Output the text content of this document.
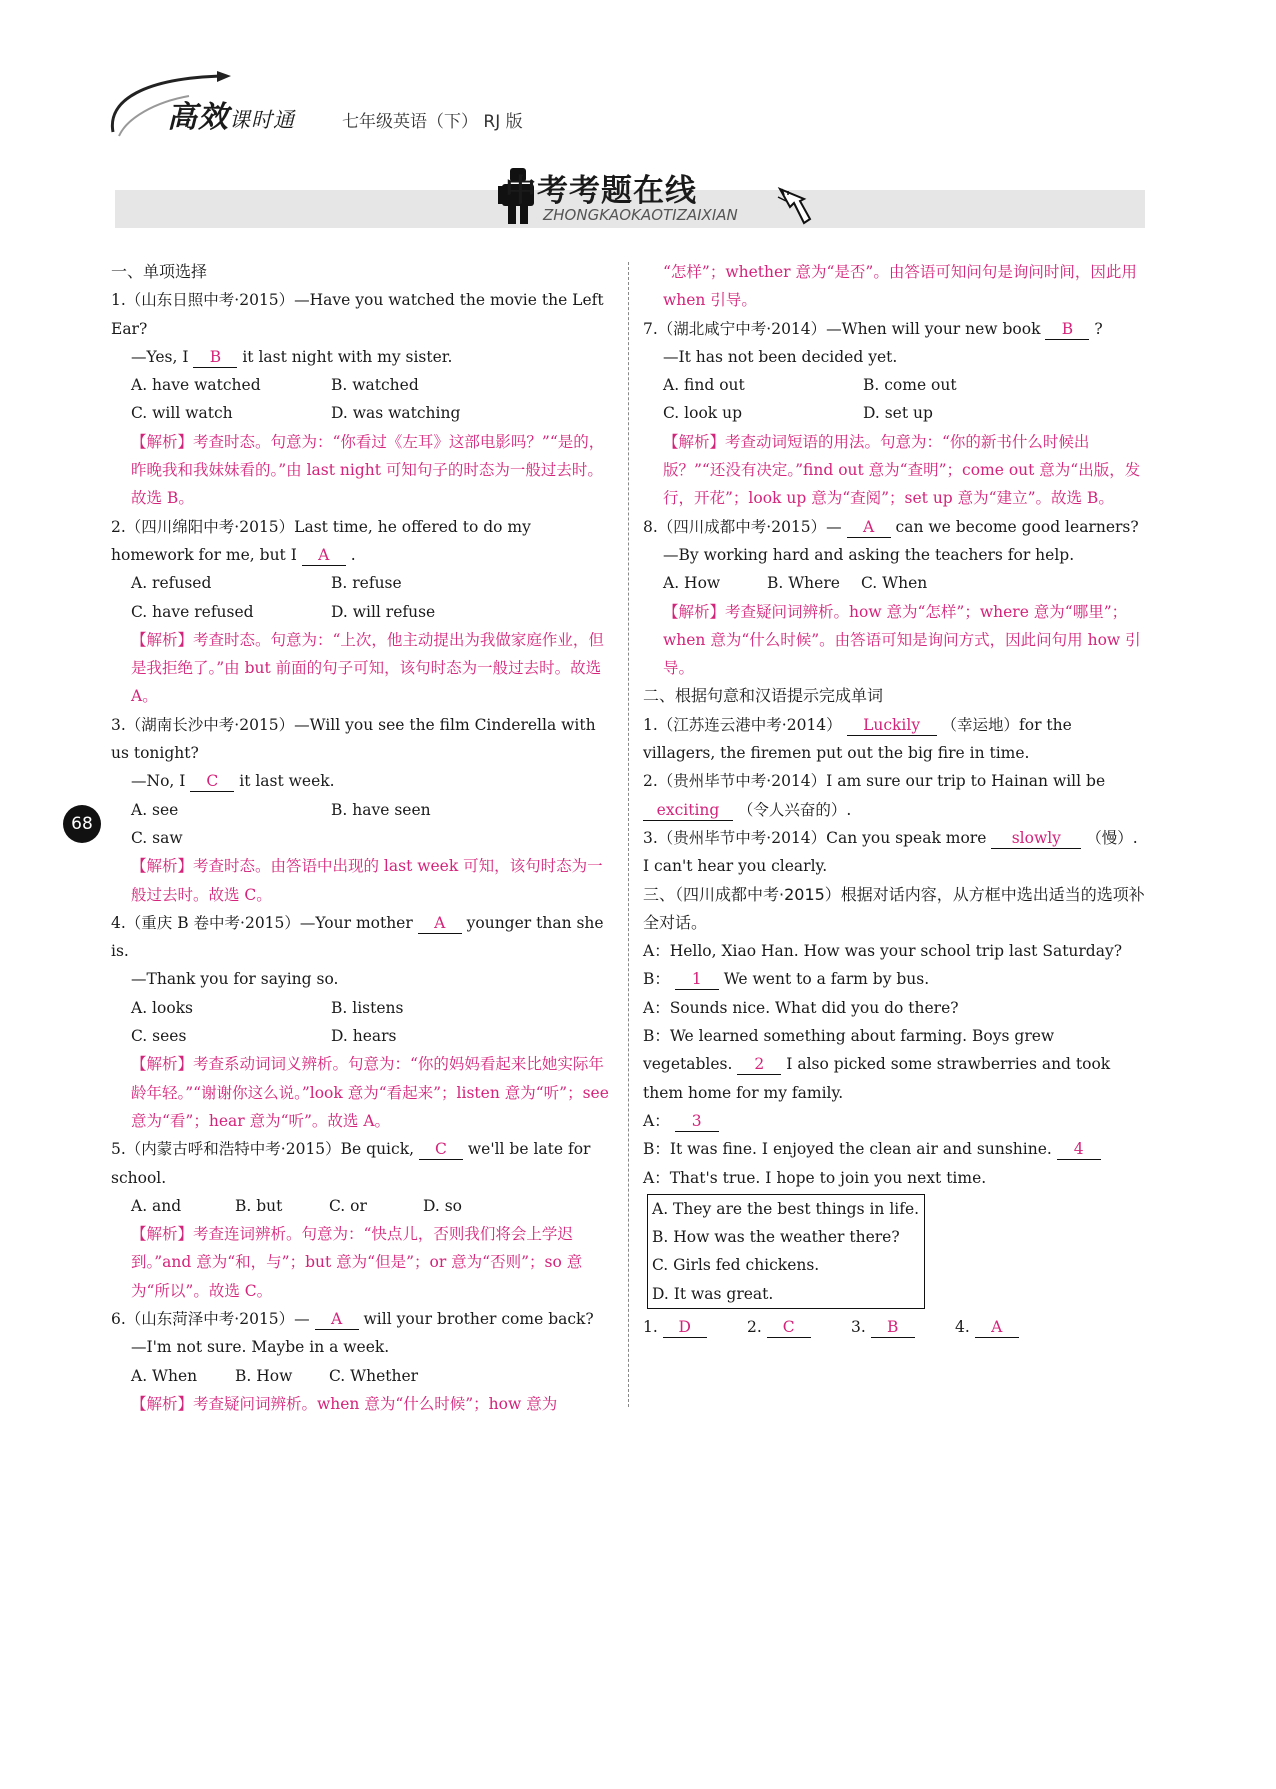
高效课时通	七年级英语（下） RJ 版
中考考题在线
ZHONGKAOKAOTIZAIXIAN
68
一、单项选择
1.（山东日照中考·2015）—Have you watched the movie the Left Ear?
—Yes, I B it last night with my sister.
A. have watched	B. watched
C. will watch	D. was watching
【解析】考查时态。句意为：“你看过《左耳》这部电影吗？”“是的，昨晚我和我妹妹看的。”由 last night 可知句子的时态为一般过去时。故选 B。
2.（四川绵阳中考·2015）Last time, he offered to do my homework for me, but I A .
A. refused	B. refuse
C. have refused	D. will refuse
【解析】考查时态。句意为：“上次，他主动提出为我做家庭作业，但是我拒绝了。”由 but 前面的句子可知，该句时态为一般过去时。故选 A。
3.（湖南长沙中考·2015）—Will you see the film Cinderella with us tonight?
—No, I C it last week.
A. see	B. have seen
C. saw
【解析】考查时态。由答语中出现的 last week 可知，该句时态为一般过去时。故选 C。
4.（重庆 B 卷中考·2015）—Your mother A younger than she is.
—Thank you for saying so.
A. looks	B. listens
C. sees	D. hears
【解析】考查系动词词义辨析。句意为：“你的妈妈看起来比她实际年龄年轻。”“谢谢你这么说。”look 意为“看起来”；listen 意为“听”；see 意为“看”；hear 意为“听”。故选 A。
5.（内蒙古呼和浩特中考·2015）Be quick, C we'll be late for school.
A. and	B. but	C. or	D. so
【解析】考查连词辨析。句意为：“快点儿，否则我们将会上学迟到。”and 意为“和，与”；but 意为“但是”；or 意为“否则”；so 意为“所以”。故选 C。
6.（山东菏泽中考·2015）— A will your brother come back?
—I'm not sure. Maybe in a week.
A. When B. How C. Whether
【解析】考查疑问词辨析。when 意为“什么时候”；how 意为
“怎样”；whether 意为“是否”。由答语可知问句是询问时间，因此用 when 引导。
7.（湖北咸宁中考·2014）—When will your new book B ?
—It has not been decided yet.
A. find out	B. come out
C. look up	D. set up
【解析】考查动词短语的用法。句意为：“你的新书什么时候出版？”“还没有决定。”find out 意为“查明”；come out 意为“出版，发行，开花”；look up 意为“查阅”；set up 意为“建立”。故选 B。
8.（四川成都中考·2015）— A can we become good learners?
—By working hard and asking the teachers for help.
A. How	B. Where C. When
【解析】考查疑问词辨析。how 意为“怎样”；where 意为“哪里”；when 意为“什么时候”。由答语可知是询问方式，因此问句用 how 引导。
二、根据句意和汉语提示完成单词
1.（江苏连云港中考·2014） Luckily （幸运地）for the villagers, the firemen put out the big fire in time.
2.（贵州毕节中考·2014）I am sure our trip to Hainan will be exciting （令人兴奋的）.
3.（贵州毕节中考·2014）Can you speak more slowly （慢）. I can't hear you clearly.
三、（四川成都中考·2015）根据对话内容，从方框中选出适当的选项补全对话。
A：Hello, Xiao Han. How was your school trip last Saturday?
B： 1 We went to a farm by bus.
A：Sounds nice. What did you do there?
B：We learned something about farming. Boys grew vegetables. 2 I also picked some strawberries and took them home for my family.
A： 3
B：It was fine. I enjoyed the clean air and sunshine. 4
A：That's true. I hope to join you next time.
A. They are the best things in life.
B. How was the weather there?
C. Girls fed chickens.
D. It was great.
1. D	2. C	3. B	4. A
